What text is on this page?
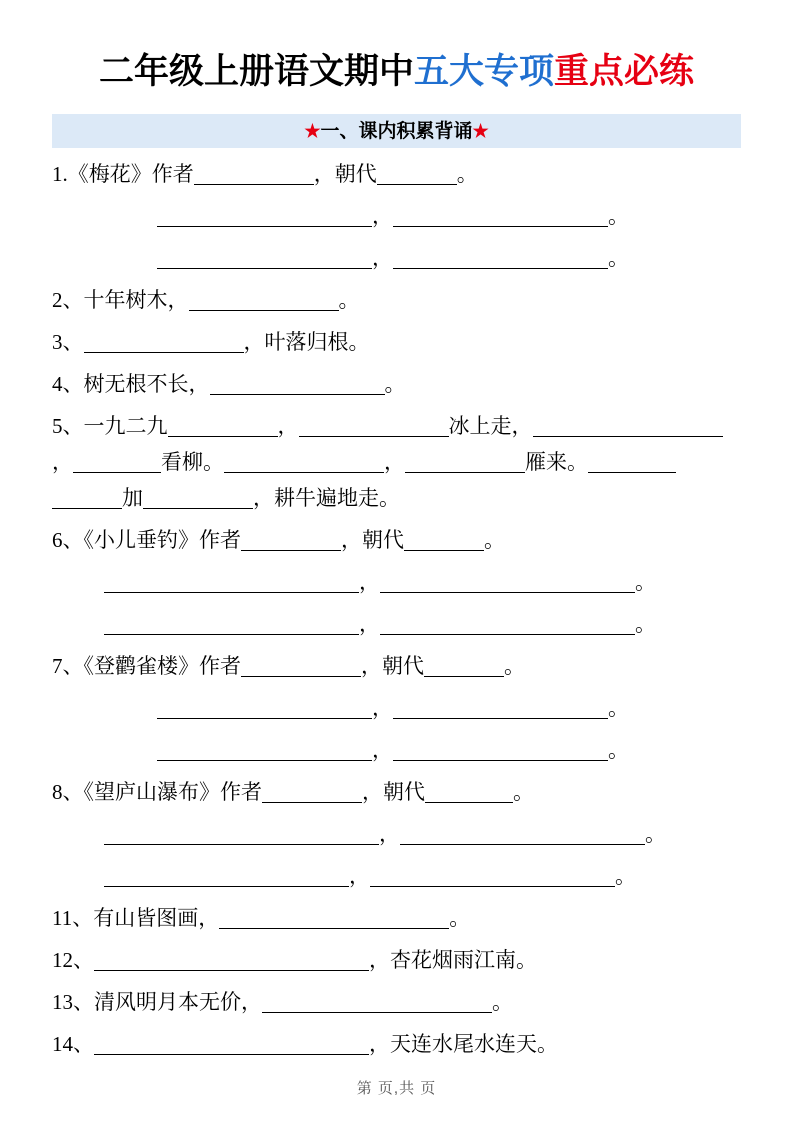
二年级上册语文期中五大专项重点必练
★一、课内积累背诵★
1.《梅花》作者	，朝代	。
，	。
，	。
2、十年树木，	。
3、	，叶落归根。
4、树无根不长，	。
5、一九二九	，	冰上走，，	看柳。	，	雁来。加	，耕牛遍地走。
6、《小儿垂钓》作者	，朝代	。
，	。
，	。
7、《登鹳雀楼》作者	，朝代	。
，	。
，	。
8、《望庐山瀑布》作者	，朝代	。
，	。
，	。
11、有山皆图画，	。
12、	，杏花烟雨江南。
13、清风明月本无价，	。
14、	，天连水尾水连天。
第 页,共 页
